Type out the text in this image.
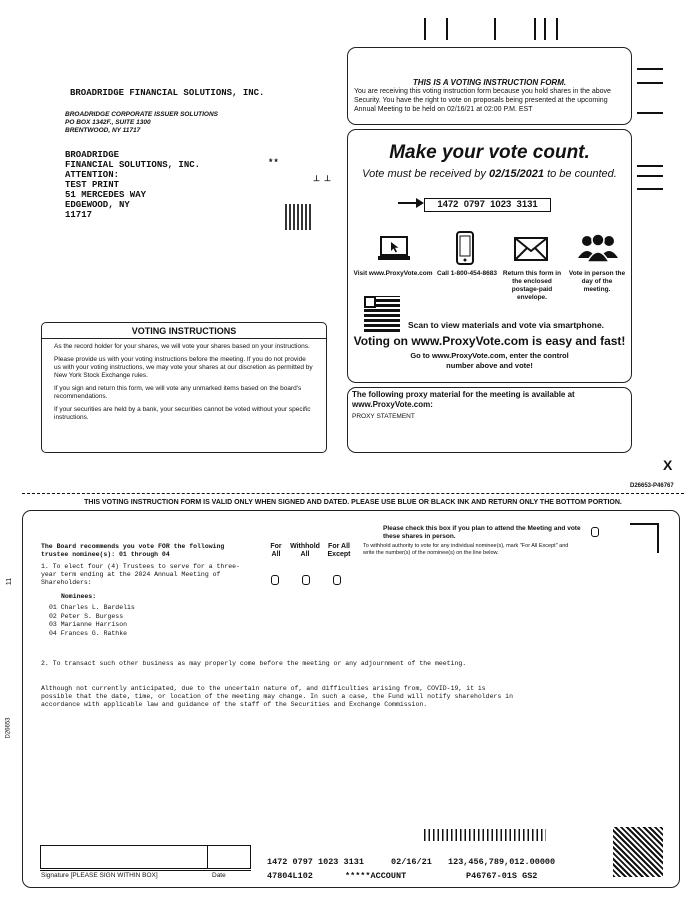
BROADRIDGE FINANCIAL SOLUTIONS, INC.
BROADRIDGE CORPORATE ISSUER SOLUTIONS
PO BOX 1342F., SUITE 1300
BRENTWOOD, NY 11717
BROADRIDGE
FINANCIAL SOLUTIONS, INC.
ATTENTION:
TEST PRINT
51 MERCEDES WAY
EDGEWOOD, NY
11717
**
⊥⊥
THIS IS A VOTING INSTRUCTION FORM.
You are receiving this voting instruction form because you hold shares in the above Security. You have the right to vote on proposals being presented at the upcoming Annual Meeting to be held on 02/16/21 at 02:00 P.M. EST
Make your vote count.
Vote must be received by 02/15/2021 to be counted.
1472  0797  1023  3131
Visit www.ProxyVote.com Call 1-800-454-8683 Return this form in the enclosed postage-paid envelope.
Vote in person the day of the meeting.
Scan to view materials and vote via smartphone.
Voting on www.ProxyVote.com is easy and fast!
Go to www.ProxyVote.com, enter the control number above and vote!
The following proxy material for the meeting is available at www.ProxyVote.com:
PROXY STATEMENT
VOTING INSTRUCTIONS

As the record holder for your shares, we will vote your shares based on your instructions.

Please provide us with your voting instructions before the meeting. If you do not provide us with your voting instructions, we may vote your shares at our discretion as permitted by New York Stock Exchange rules.

If you sign and return this form, we will vote any unmarked items based on the board's recommendations.

If your securities are held by a bank, your securities cannot be voted without your specific instructions.

X
D26653-P46767
THIS VOTING INSTRUCTION FORM IS VALID ONLY WHEN SIGNED AND DATED. PLEASE USE BLUE OR BLACK INK AND RETURN ONLY THE BOTTOM PORTION.
11
D26653
Please check this box if you plan to attend the Meeting and vote these shares in person.
The Board recommends you vote FOR the following trustee nominee(s): 01 through 04
For All
Withhold All
For All Except
To withhold authority to vote for any individual nominee(s), mark "For All Except" and write the number(s) of the nominee(s) on the line below.
1. To elect four (4) Trustees to serve for a three-year term ending at the 2024 Annual Meeting of Shareholders:
Nominees:
01 Charles L. Bardelis
02 Peter S. Burgess
03 Marianne Harrison
04 Frances G. Rathke
2. To transact such other business as may properly come before the meeting or any adjournment of the meeting.
Although not currently anticipated, due to the uncertain nature of, and difficulties arising from, COVID-19, it is possible that the date, time, or location of the meeting may change. In such a case, the Fund will notify shareholders in accordance with applicable law and guidance of the staff of the Securities and Exchange Commission.
Signature [PLEASE SIGN WITHIN BOX]	Date
1472 0797 1023 3131	02/16/21 123,456,789,012.00000
47804L102	*****ACCOUNT	P46767-01S GS2
